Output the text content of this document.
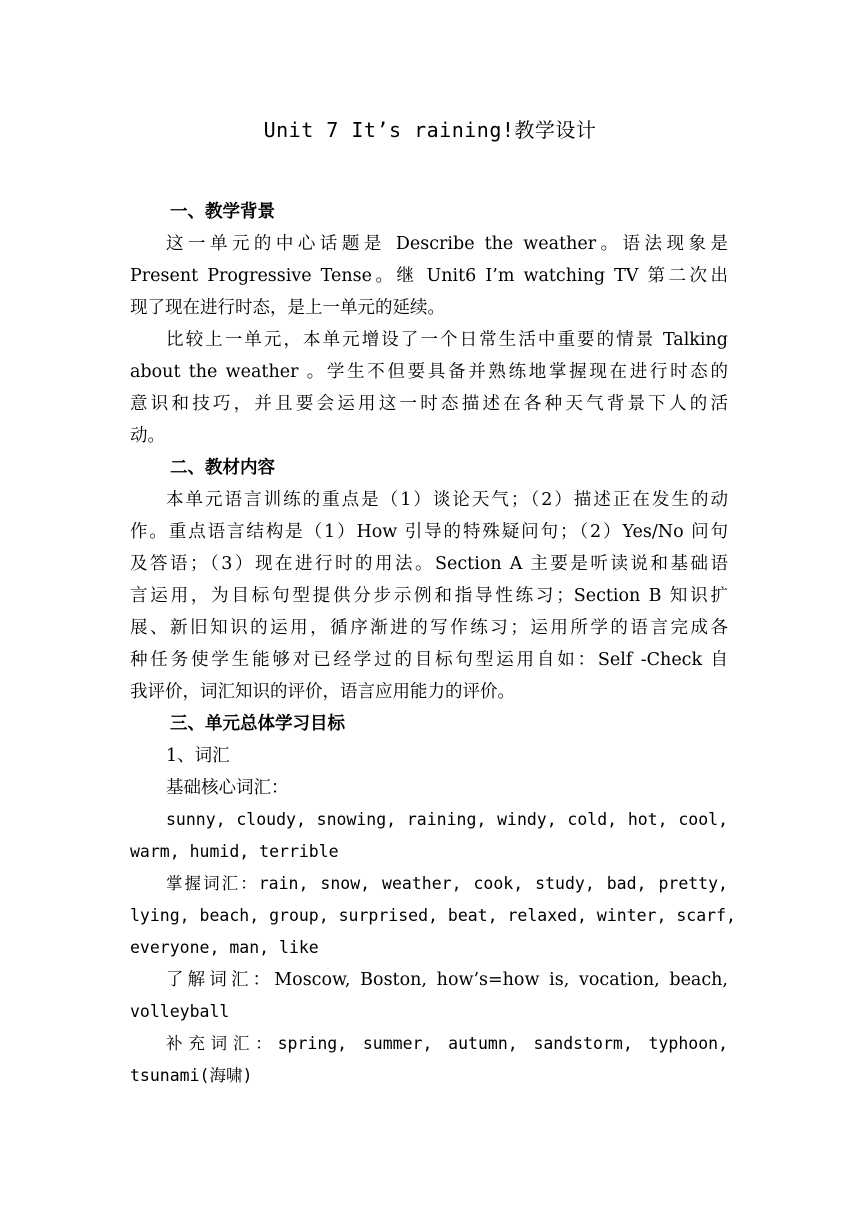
Unit 7 It’s raining!教学设计
一、教学背景
这一单元的中心话题是 Describe the weather。语法现象是
Present Progressive Tense。继 Unit6 I’m watching TV 第二次出
现了现在进行时态，是上一单元的延续。
比较上一单元，本单元增设了一个日常生活中重要的情景 Talking
about the weather 。学生不但要具备并熟练地掌握现在进行时态的
意识和技巧，并且要会运用这一时态描述在各种天气背景下人的活
动。
二、教材内容
本单元语言训练的重点是（1）谈论天气；（2）描述正在发生的动
作。重点语言结构是（1）How 引导的特殊疑问句；（2）Yes/No 问句
及答语；（3）现在进行时的用法。Section A 主要是听读说和基础语
言运用，为目标句型提供分步示例和指导性练习；Section B 知识扩
展、新旧知识的运用，循序渐进的写作练习；运用所学的语言完成各
种任务使学生能够对已经学过的目标句型运用自如：Self -Check 自
我评价，词汇知识的评价，语言应用能力的评价。
三、单元总体学习目标
1、词汇
基础核心词汇：
sunny, cloudy, snowing, raining, windy, cold, hot, cool,
warm, humid, terrible
掌握词汇：rain, snow, weather, cook, study, bad, pretty,
lying, beach, group, surprised, beat, relaxed, winter, scarf,
everyone, man, like
了解词汇：Moscow, Boston, how’s=how is, vocation, beach,
volleyball
补充词汇：spring, summer, autumn, sandstorm, typhoon,
tsunami(海啸)
